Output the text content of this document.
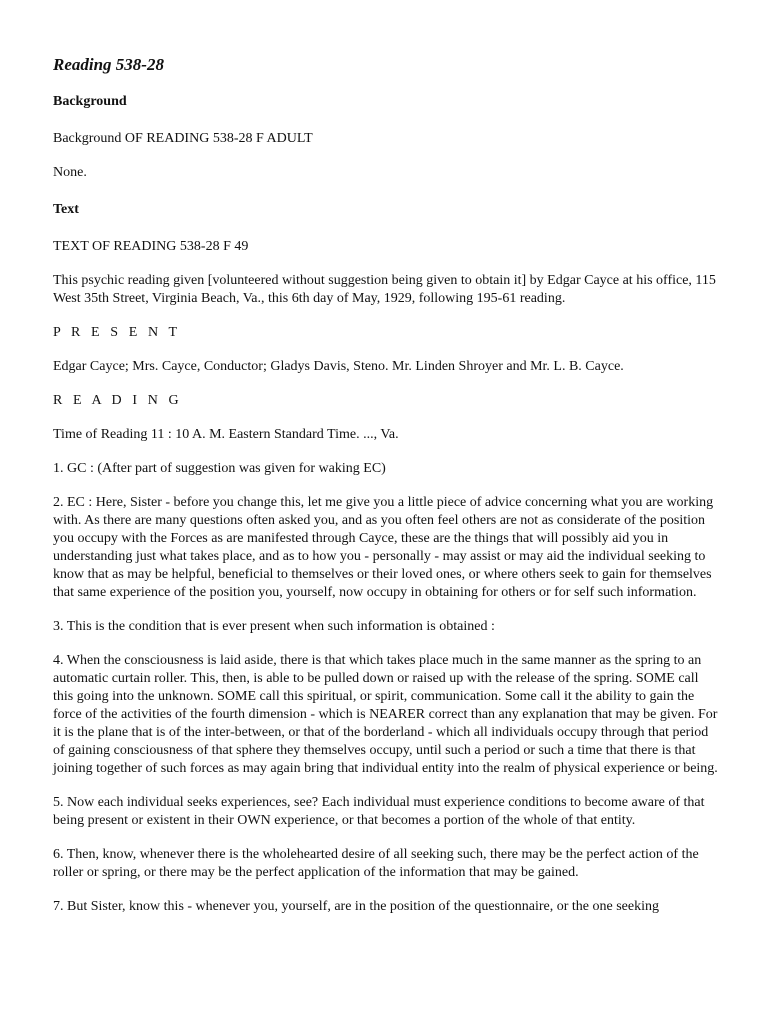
Reading 538-28
Background

Background OF READING 538-28 F ADULT

None.

Text

TEXT OF READING 538-28 F 49

This psychic reading given [volunteered without suggestion being given to obtain it] by Edgar Cayce at his office, 115 West 35th Street, Virginia Beach, Va., this 6th day of May, 1929, following 195-61 reading.

P R E S E N T

Edgar Cayce; Mrs. Cayce, Conductor; Gladys Davis, Steno. Mr. Linden Shroyer and Mr. L. B. Cayce.

R E A D I N G

Time of Reading 11 : 10 A. M. Eastern Standard Time. ..., Va.

1. GC : (After part of suggestion was given for waking EC)

2. EC : Here, Sister - before you change this, let me give you a little piece of advice concerning what you are working with. As there are many questions often asked you, and as you often feel others are not as considerate of the position you occupy with the Forces as are manifested through Cayce, these are the things that will possibly aid you in understanding just what takes place, and as to how you - personally - may assist or may aid the individual seeking to know that as may be helpful, beneficial to themselves or their loved ones, or where others seek to gain for themselves that same experience of the position you, yourself, now occupy in obtaining for others or for self such information.

3. This is the condition that is ever present when such information is obtained :

4. When the consciousness is laid aside, there is that which takes place much in the same manner as the spring to an automatic curtain roller. This, then, is able to be pulled down or raised up with the release of the spring. SOME call this going into the unknown. SOME call this spiritual, or spirit, communication. Some call it the ability to gain the force of the activities of the fourth dimension - which is NEARER correct than any explanation that may be given. For it is the plane that is of the inter-between, or that of the borderland - which all individuals occupy through that period of gaining consciousness of that sphere they themselves occupy, until such a period or such a time that there is that joining together of such forces as may again bring that individual entity into the realm of physical experience or being.

5. Now each individual seeks experiences, see? Each individual must experience conditions to become aware of that being present or existent in their OWN experience, or that becomes a portion of the whole of that entity.

6. Then, know, whenever there is the wholehearted desire of all seeking such, there may be the perfect action of the roller or spring, or there may be the perfect application of the information that may be gained.

7. But Sister, know this - whenever you, yourself, are in the position of the questionnaire, or the one seeking
